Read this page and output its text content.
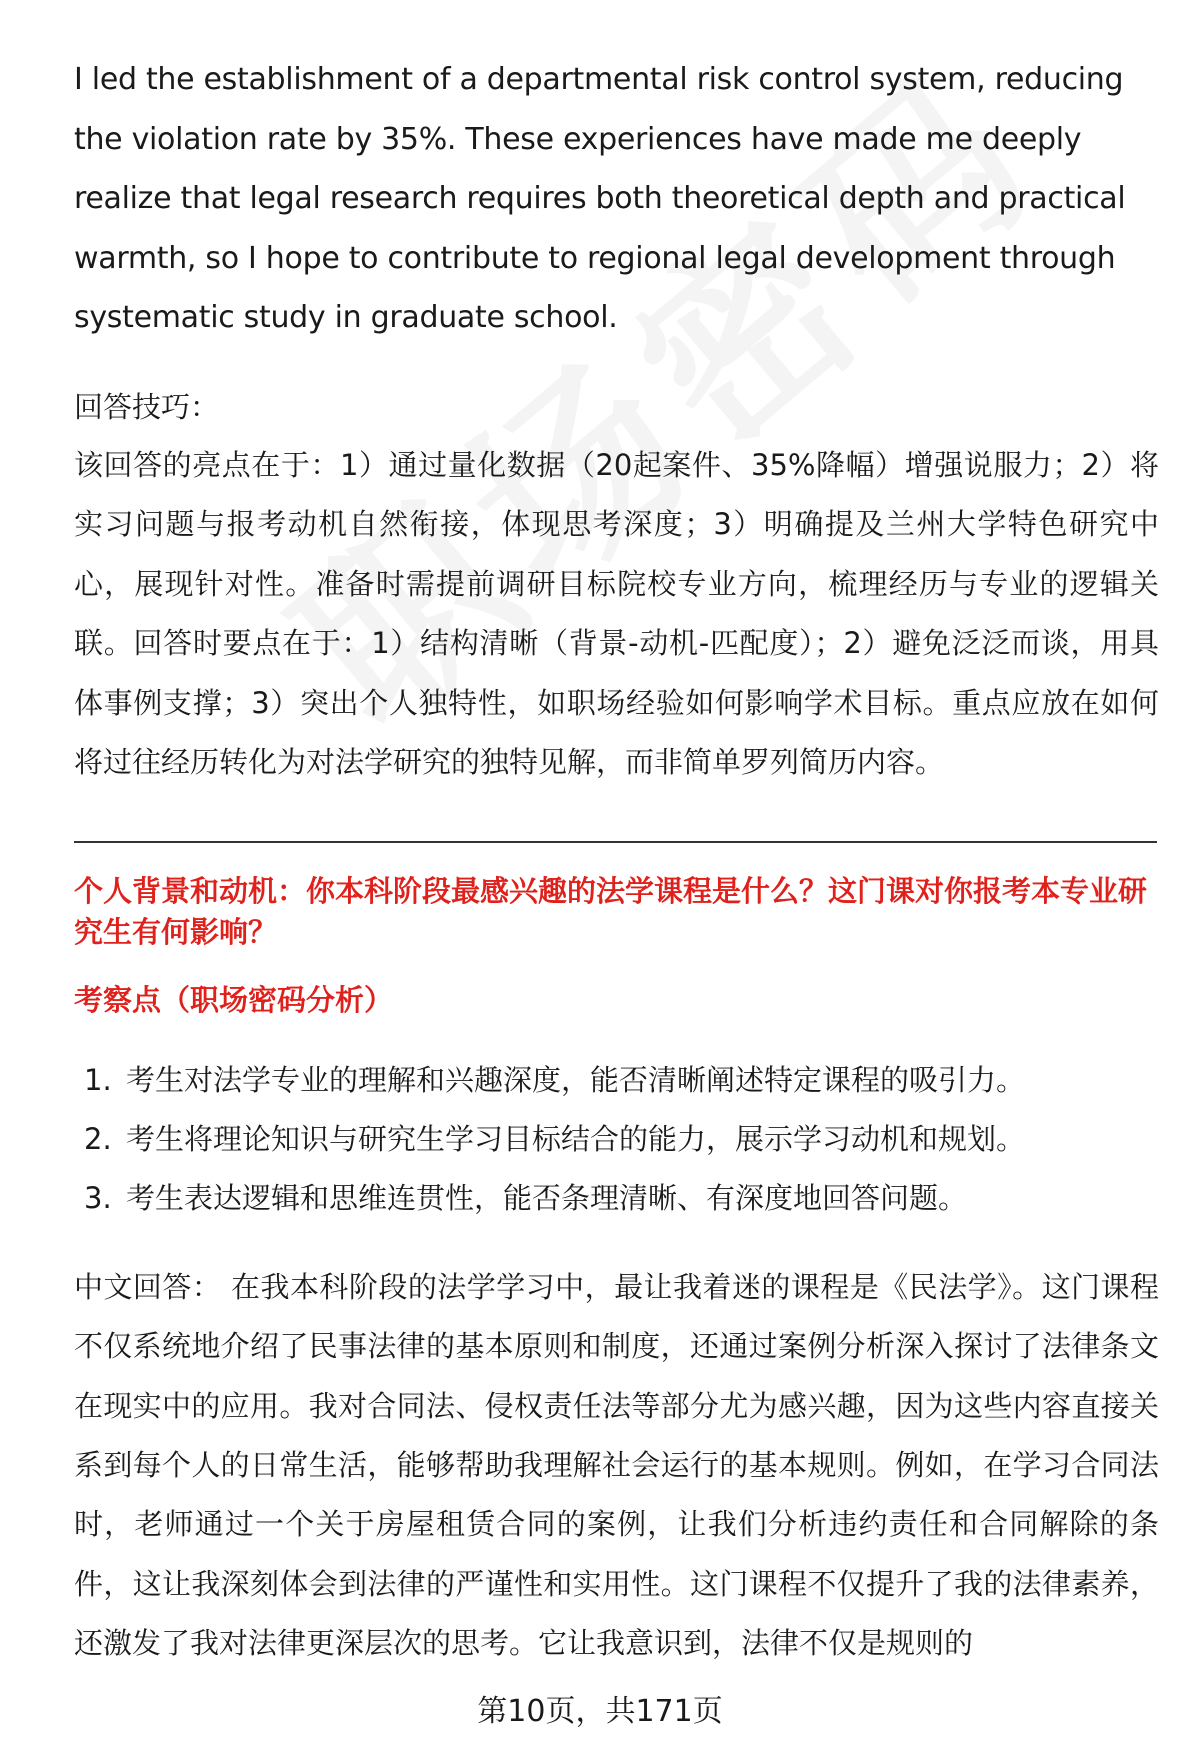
I led the establishment of a departmental risk control system, reducing the violation rate by 35%. These experiences have made me deeply realize that legal research requires both theoretical depth and practical warmth, so I hope to contribute to regional legal development through systematic study in graduate school.

回答技巧：

该回答的亮点在于：1）通过量化数据（20起案件、35%降幅）增强说服力；2）将实习问题与报考动机自然衔接，体现思考深度；3）明确提及兰州大学特色研究中心，展现针对性。准备时需提前调研目标院校专业方向，梳理经历与专业的逻辑关联。回答时要点在于：1）结构清晰（背景-动机-匹配度）；2）避免泛泛而谈，用具体事例支撑；3）突出个人独特性，如职场经验如何影响学术目标。重点应放在如何将过往经历转化为对法学研究的独特见解，而非简单罗列简历内容。

个人背景和动机：你本科阶段最感兴趣的法学课程是什么？这门课对你报考本专业研究生有何影响？

考察点（职场密码分析）

1. 考生对法学专业的理解和兴趣深度，能否清晰阐述特定课程的吸引力。
2. 考生将理论知识与研究生学习目标结合的能力，展示学习动机和规划。
3. 考生表达逻辑和思维连贯性，能否条理清晰、有深度地回答问题。

中文回答： 在我本科阶段的法学学习中，最让我着迷的课程是《民法学》。这门课程不仅系统地介绍了民事法律的基本原则和制度，还通过案例分析深入探讨了法律条文在现实中的应用。我对合同法、侵权责任法等部分尤为感兴趣，因为这些内容直接关系到每个人的日常生活，能够帮助我理解社会运行的基本规则。例如，在学习合同法时，老师通过一个关于房屋租赁合同的案例，让我们分析违约责任和合同解除的条件，这让我深刻体会到法律的严谨性和实用性。这门课程不仅提升了我的法律素养，还激发了我对法律更深层次的思考。它让我意识到，法律不仅是规则的

第10页，共171页
